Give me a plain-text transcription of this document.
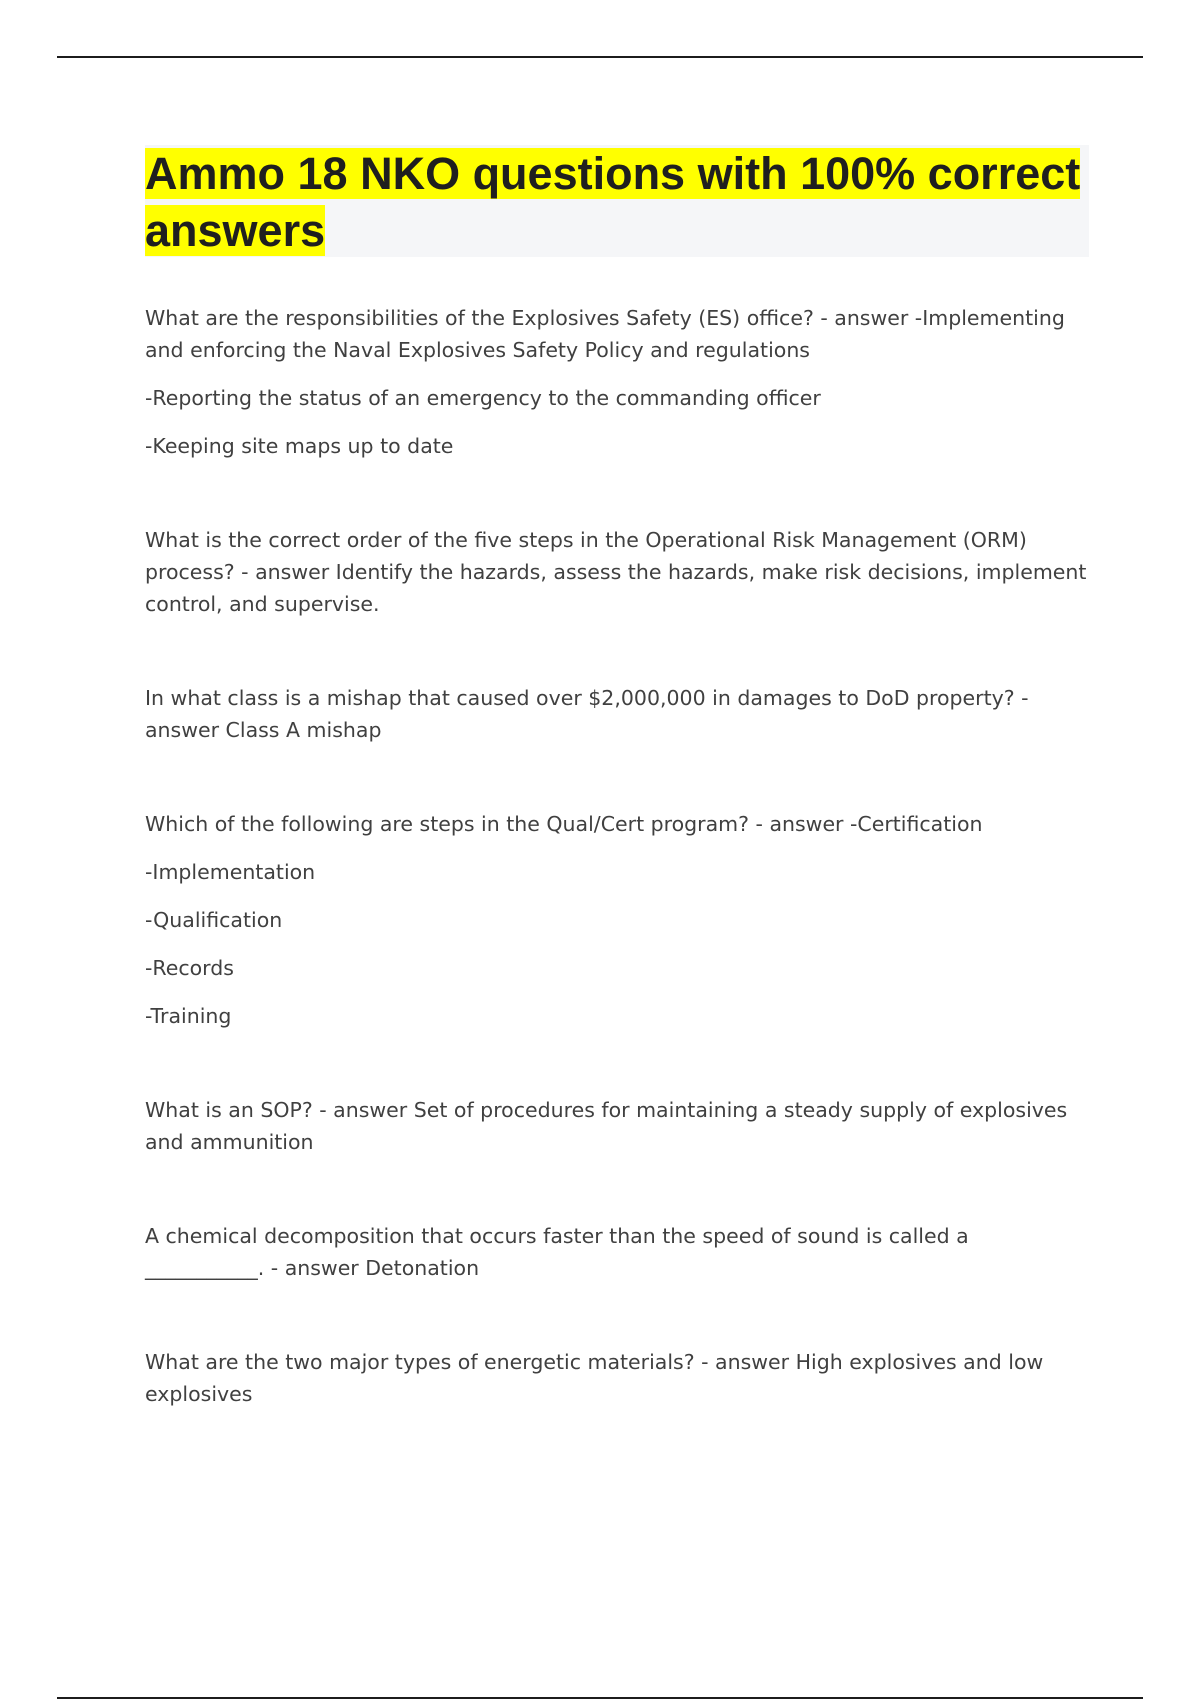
Ammo 18 NKO questions with 100% correct answers

What are the responsibilities of the Explosives Safety (ES) office? - answer -Implementing and enforcing the Naval Explosives Safety Policy and regulations

-Reporting the status of an emergency to the commanding officer

-Keeping site maps up to date

What is the correct order of the five steps in the Operational Risk Management (ORM) process? - answer Identify the hazards, assess the hazards, make risk decisions, implement control, and supervise.

In what class is a mishap that caused over $2,000,000 in damages to DoD property? - answer Class A mishap

Which of the following are steps in the Qual/Cert program? - answer -Certification

-Implementation

-Qualification

-Records

-Training

What is an SOP? - answer Set of procedures for maintaining a steady supply of explosives and ammunition

A chemical decomposition that occurs faster than the speed of sound is called a ___________. - answer Detonation

What are the two major types of energetic materials? - answer High explosives and low explosives
